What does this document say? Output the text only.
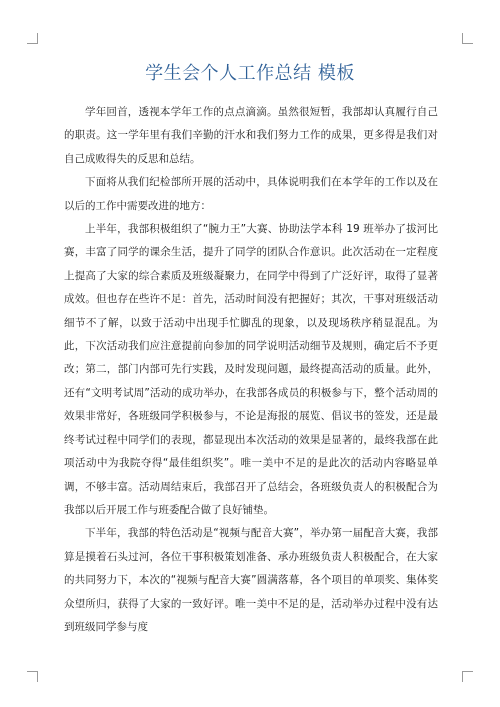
学生会个人工作总结 模板

学年回首，透视本学年工作的点点滴滴。虽然很短暂，我部却认真履行自己的职责。这一学年里有我们辛勤的汗水和我们努力工作的成果，更多得是我们对自己成败得失的反思和总结。

下面将从我们纪检部所开展的活动中，具体说明我们在本学年的工作以及在以后的工作中需要改进的地方：

上半年，我部积极组织了“腕力王”大赛、协助法学本科 19 班举办了拔河比赛，丰富了同学的课余生活，提升了同学的团队合作意识。此次活动在一定程度上提高了大家的综合素质及班级凝聚力，在同学中得到了广泛好评，取得了显著成效。但也存在些许不足：首先，活动时间没有把握好；其次，干事对班级活动细节不了解，以致于活动中出现手忙脚乱的现象，以及现场秩序稍显混乱。为此，下次活动我们应注意提前向参加的同学说明活动细节及规则，确定后不予更改；第二，部门内部可先行实践，及时发现问题，最终提高活动的质量。此外，还有“文明考试周”活动的成功举办，在我部各成员的积极参与下，整个活动周的效果非常好，各班级同学积极参与，不论是海报的展览、倡议书的签发，还是最终考试过程中同学们的表现，都显现出本次活动的效果是显著的，最终我部在此项活动中为我院夺得“最佳组织奖”。唯一美中不足的是此次的活动内容略显单调，不够丰富。活动周结束后，我部召开了总结会，各班级负责人的积极配合为我部以后开展工作与班委配合做了良好铺垫。

下半年，我部的特色活动是“视频与配音大赛”，举办第一届配音大赛，我部算是摸着石头过河，各位干事积极策划准备、承办班级负责人积极配合，在大家的共同努力下，本次的“视频与配音大赛”圆满落幕，各个项目的单项奖、集体奖众望所归，获得了大家的一致好评。唯一美中不足的是，活动举办过程中没有达到班级同学参与度
